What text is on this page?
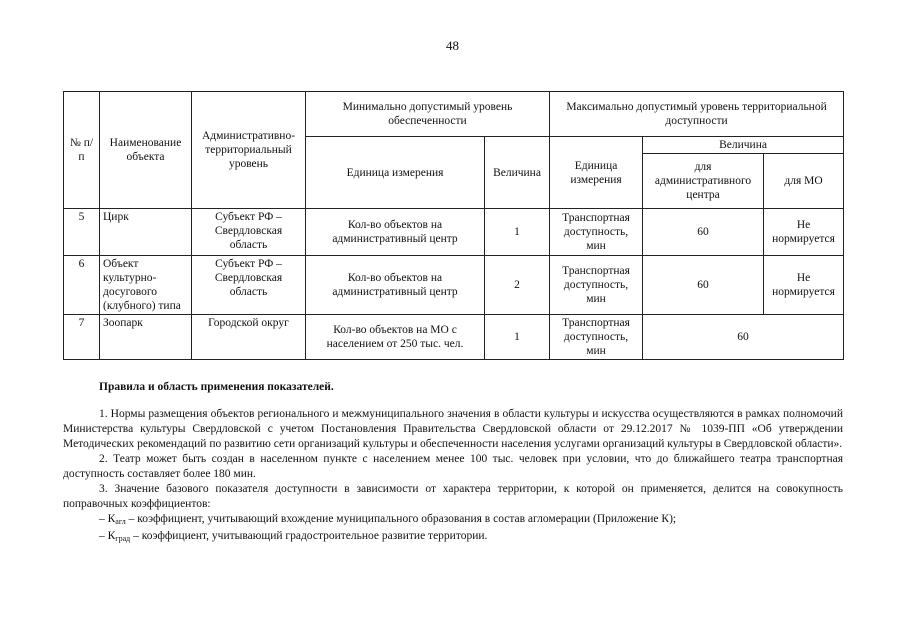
48
№ п/п	Наименование объекта	Административно-территориальный уровень	Минимально допустимый уровень обеспеченности		Максимально допустимый уровень территориальной доступности		
			Единица измерения	Величина	Единица измерения	Величина	
						для административного центра	для МО
5	Цирк	Субъект РФ – Свердловская область	Кол-во объектов на административный центр	1	Транспортная доступность, мин	60	Не нормируется
6	Объект культурно-досугового (клубного) типа	Субъект РФ – Свердловская область	Кол-во объектов на административный центр	2	Транспортная доступность, мин	60	Не нормируется
7	Зоопарк	Городской округ	Кол-во объектов на МО с населением от 250 тыс. чел.	1	Транспортная доступность, мин	60	

Правила и область применения показателей.

1. Нормы размещения объектов регионального и межмуниципального значения в области культуры и искусства осуществляются в рамках полномочий Министерства культуры Свердловской с учетом Постановления Правительства Свердловской области от 29.12.2017 № 1039-ПП «Об утверждении Методических рекомендаций по развитию сети организаций культуры и обеспеченности населения услугами организаций культуры в Свердловской области».

2. Театр может быть создан в населенном пункте с населением менее 100 тыс. человек при условии, что до ближайшего театра транспортная доступность составляет более 180 мин.

3. Значение базового показателя доступности в зависимости от характера территории, к которой он применяется, делится на совокупность поправочных коэффициентов:

– $К_{агл}$ – коэффициент, учитывающий вхождение муниципального образования в состав агломерации (Приложение К);

– $К_{град}$ – коэффициент, учитывающий градостроительное развитие территории.
